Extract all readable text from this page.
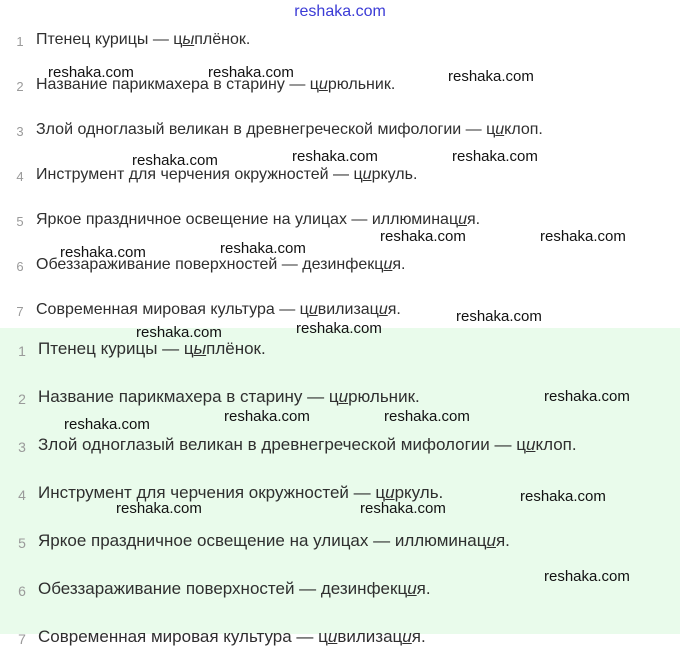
reshaka.com
1 Птенец курицы — цыплёнок.
2 Название парикмахера в старину — цирюльник.
3 Злой одноглазый великан в древнегреческой мифологии — циклоп.
4 Инструмент для черчения окружностей — циркуль.
5 Яркое праздничное освещение на улицах — иллюминация.
6 Обеззараживание поверхностей — дезинфекция.
7 Современная мировая культура — цивилизация.
1 Птенец курицы — цыплёнок.
2 Название парикмахера в старину — цирюльник.
3 Злой одноглазый великан в древнегреческой мифологии — циклоп.
4 Инструмент для черчения окружностей — циркуль.
5 Яркое праздничное освещение на улицах — иллюминация.
6 Обеззараживание поверхностей — дезинфекция.
7 Современная мировая культура — цивилизация.
reshaka.com	reshaka.com	reshaka.com
reshaka.com	reshaka.com	reshaka.com
reshaka.com	reshaka.com
reshaka.com	reshaka.com
reshaka.com
reshaka.com	reshaka.com
reshaka.com
reshaka.com	reshaka.com
reshaka.com
reshaka.com
reshaka.com	reshaka.com
reshaka.com
